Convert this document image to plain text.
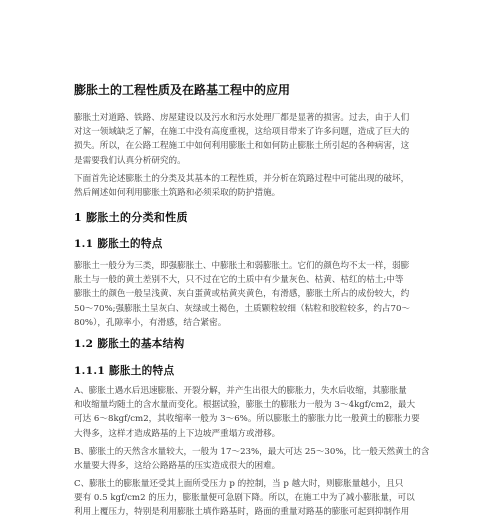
膨胀土的工程性质及在路基工程中的应用
膨胀土对道路、铁路、房屋建设以及污水和污水处理厂都是显著的损害。过去，由于人们
对这一领域缺乏了解，在施工中没有高度重视，这给项目带来了许多问题，造成了巨大的
损失。所以，在公路工程施工中如何利用膨胀土和如何防止膨胀土所引起的各种病害，这
是需要我们认真分析研究的。
下面首先论述膨胀土的分类及其基本的工程性质，并分析在筑路过程中可能出现的破坏，
然后阐述如何利用膨胀土筑路和必须采取的防护措施。
1 膨胀土的分类和性质
1.1 膨胀土的特点
膨胀土一般分为三类，即强膨胀土、中膨胀土和弱膨胀土。它们的颜色均不太一样，弱膨
胀土与一般的黄土差别不大，只不过在它的土质中有少量灰色、枯黄、枯红的枯土;中等
膨胀土的颜色一般呈浅黄、灰白蛋黄或枯黄夹黄色，有滑感，膨胀土所占的成份较大，约
50～70%;强膨胀土呈灰白、灰绿或土褐色，土质颗粒较细（粘粒和胶粒较多，约占70～
80%），孔隙率小，有滑感，结合紧密。
1.2 膨胀土的基本结构
1.1.1 膨胀土的特点
A、膨胀土遇水后迅速膨胀、开裂分解，并产生出很大的膨胀力，失水后收缩，其膨胀量
和收缩量均随土的含水量而变化。根据试验，膨胀土的膨胀力一般为 3～4kgf/cm2，最大
可达 6～8kgf/cm2，其收缩率一般为 3～6%。所以膨胀土的膨胀力比一般黄土的膨胀力要
大得多，这样才造成路基的上下边坡严重塌方或滑移。
B、膨胀土的天然含水量较大，一般为 17～23%，最大可达 25～30%，比一般天然黄土的含
水量要大得多，这给公路路基的压实造成很大的困难。
C、膨胀土的膨胀量还受其上面所受压力 p 的控制，当 p 越大时，则膨胀量越小，且只
要有 0.5 kgf/cm2 的压力，膨胀量便可急剧下降。所以，在施工中为了减小膨胀量，可以
利用上覆压力，特别是利用膨胀土填作路基时，路面的重量对路基的膨胀可起到抑制作用
